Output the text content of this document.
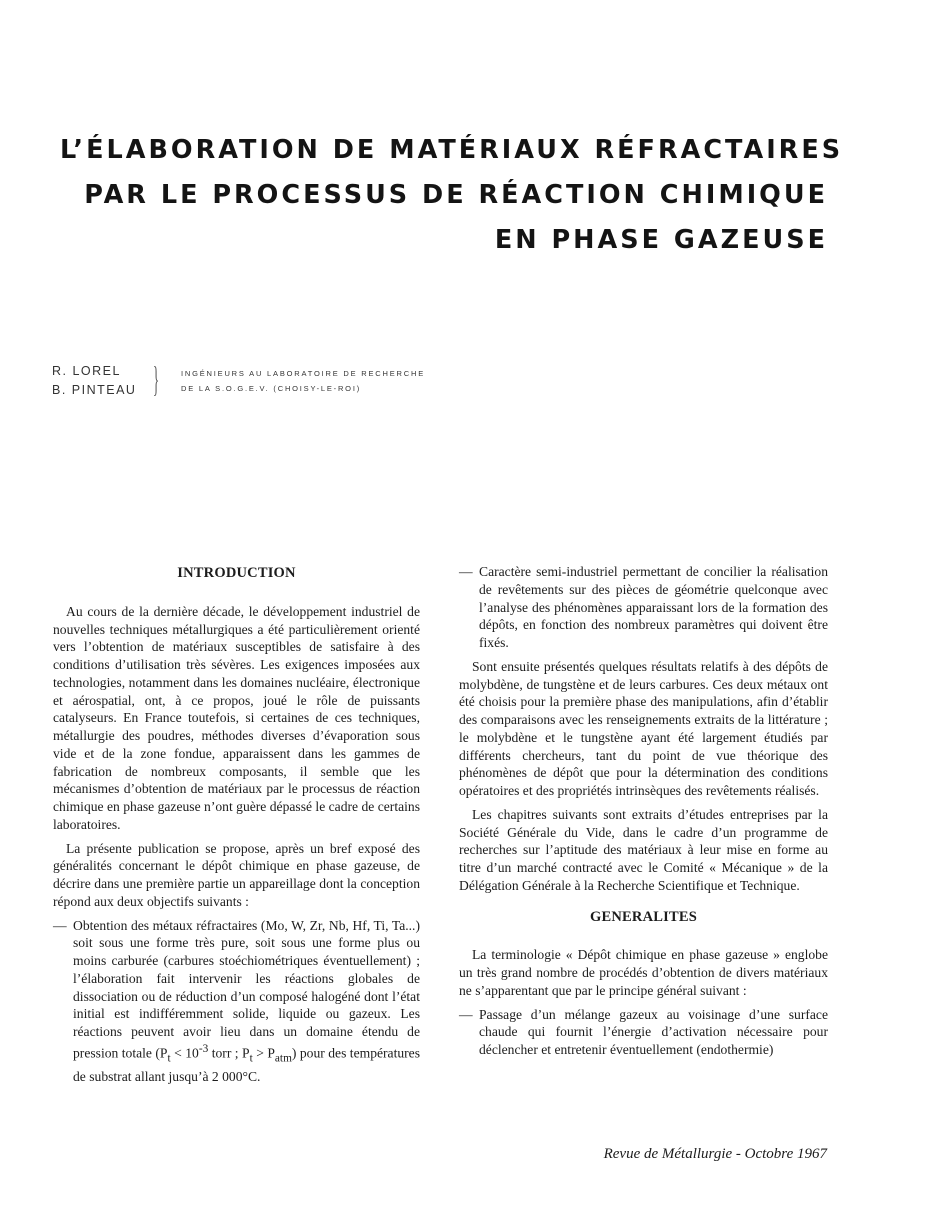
L’ÉLABORATION DE MATÉRIAUX RÉFRACTAIRES
PAR LE PROCESSUS DE RÉACTION CHIMIQUE
EN PHASE GAZEUSE
R. LOREL
B. PINTEAU }	INGÉNIEURS AU LABORATOIRE DE RECHERCHE
DE LA S.O.G.E.V. (CHOISY-LE-ROI)
INTRODUCTION

Au cours de la dernière décade, le développement industriel de nouvelles techniques métallurgiques a été particulièrement orienté vers l’obtention de matériaux susceptibles de satisfaire à des conditions d’utilisation très sévères. Les exigences imposées aux technologies, notamment dans les domaines nucléaire, électronique et aérospatial, ont, à ce propos, joué le rôle de puissants catalyseurs. En France toutefois, si certaines de ces techniques, métallurgie des poudres, méthodes diverses d’évaporation sous vide et de la zone fondue, apparaissent dans les gammes de fabrication de nombreux composants, il semble que les mécanismes d’obtention de matériaux par le processus de réaction chimique en phase gazeuse n’ont guère dépassé le cadre de certains laboratoires.

La présente publication se propose, après un bref exposé des généralités concernant le dépôt chimique en phase gazeuse, de décrire dans une première partie un appareillage dont la conception répond aux deux objectifs suivants :

— Obtention des métaux réfractaires (Mo, W, Zr, Nb, Hf, Ti, Ta...) soit sous une forme très pure, soit sous une forme plus ou moins carburée (carbures stoéchiométriques éventuellement) ; l’élaboration fait intervenir les réactions globales de dissociation ou de réduction d’un composé halogéné dont l’état initial est indifféremment solide, liquide ou gazeux. Les réactions peuvent avoir lieu dans un domaine étendu de pression totale ($P_t < 10^{-3}$ torr ; $P_t > P_{atm}$) pour des températures de substrat allant jusqu’à 2 000°C.
— Caractère semi-industriel permettant de concilier la réalisation de revêtements sur des pièces de géométrie quelconque avec l’analyse des phénomènes apparaissant lors de la formation des dépôts, en fonction des nombreux paramètres qui doivent être fixés.

Sont ensuite présentés quelques résultats relatifs à des dépôts de molybdène, de tungstène et de leurs carbures. Ces deux métaux ont été choisis pour la première phase des manipulations, afin d’établir des comparaisons avec les renseignements extraits de la littérature ; le molybdène et le tungstène ayant été largement étudiés par différents chercheurs, tant du point de vue théorique des phénomènes de dépôt que pour la détermination des conditions opératoires et des propriétés intrinsèques des revêtements réalisés.

Les chapitres suivants sont extraits d’études entreprises par la Société Générale du Vide, dans le cadre d’un programme de recherches sur l’aptitude des matériaux à leur mise en forme au titre d’un marché contracté avec le Comité « Mécanique » de la Délégation Générale à la Recherche Scientifique et Technique.

GENERALITES

La terminologie « Dépôt chimique en phase gazeuse » englobe un très grand nombre de procédés d’obtention de divers matériaux ne s’apparentant que par le principe général suivant :

— Passage d’un mélange gazeux au voisinage d’une surface chaude qui fournit l’énergie d’activation nécessaire pour déclencher et entretenir éventuellement (endothermie)
Revue de Métallurgie - Octobre 1967
